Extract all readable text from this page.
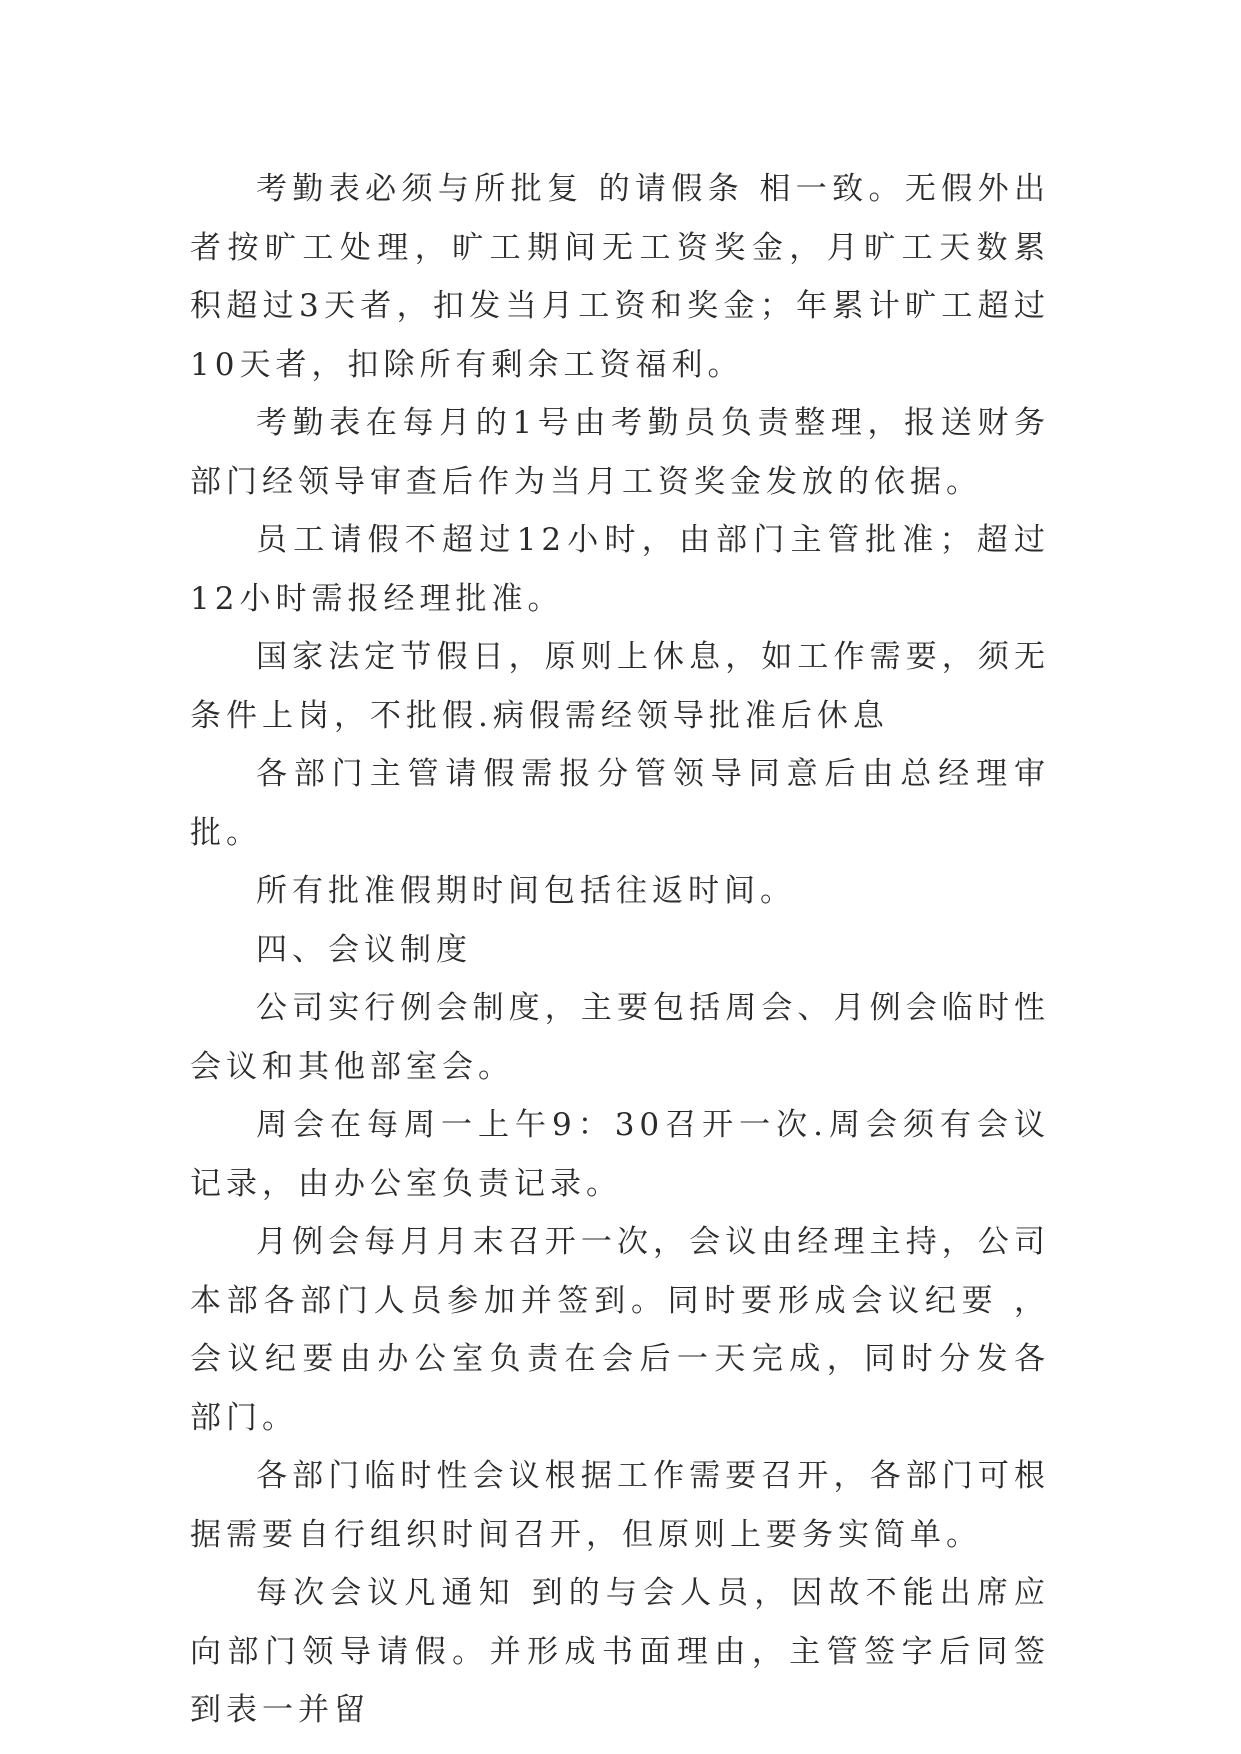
考勤表必须与所批复 的请假条 相一致。无假外出者按旷工处理，旷工期间无工资奖金，月旷工天数累积超过3天者，扣发当月工资和奖金；年累计旷工超过10天者，扣除所有剩余工资福利。

考勤表在每月的1号由考勤员负责整理，报送财务部门经领导审查后作为当月工资奖金发放的依据。

员工请假不超过12小时，由部门主管批准；超过12小时需报经理批准。

国家法定节假日，原则上休息，如工作需要，须无条件上岗，不批假.病假需经领导批准后休息

各部门主管请假需报分管领导同意后由总经理审批。

所有批准假期时间包括往返时间。

四、会议制度

公司实行例会制度，主要包括周会、月例会临时性会议和其他部室会。

周会在每周一上午9：30召开一次.周会须有会议记录，由办公室负责记录。

月例会每月月末召开一次，会议由经理主持，公司本部各部门人员参加并签到。同时要形成会议纪要 ，会议纪要由办公室负责在会后一天完成，同时分发各部门。

各部门临时性会议根据工作需要召开，各部门可根据需要自行组织时间召开，但原则上要务实简单。

每次会议凡通知 到的与会人员，因故不能出席应向部门领导请假。并形成书面理由，主管签字后同签到表一并留
